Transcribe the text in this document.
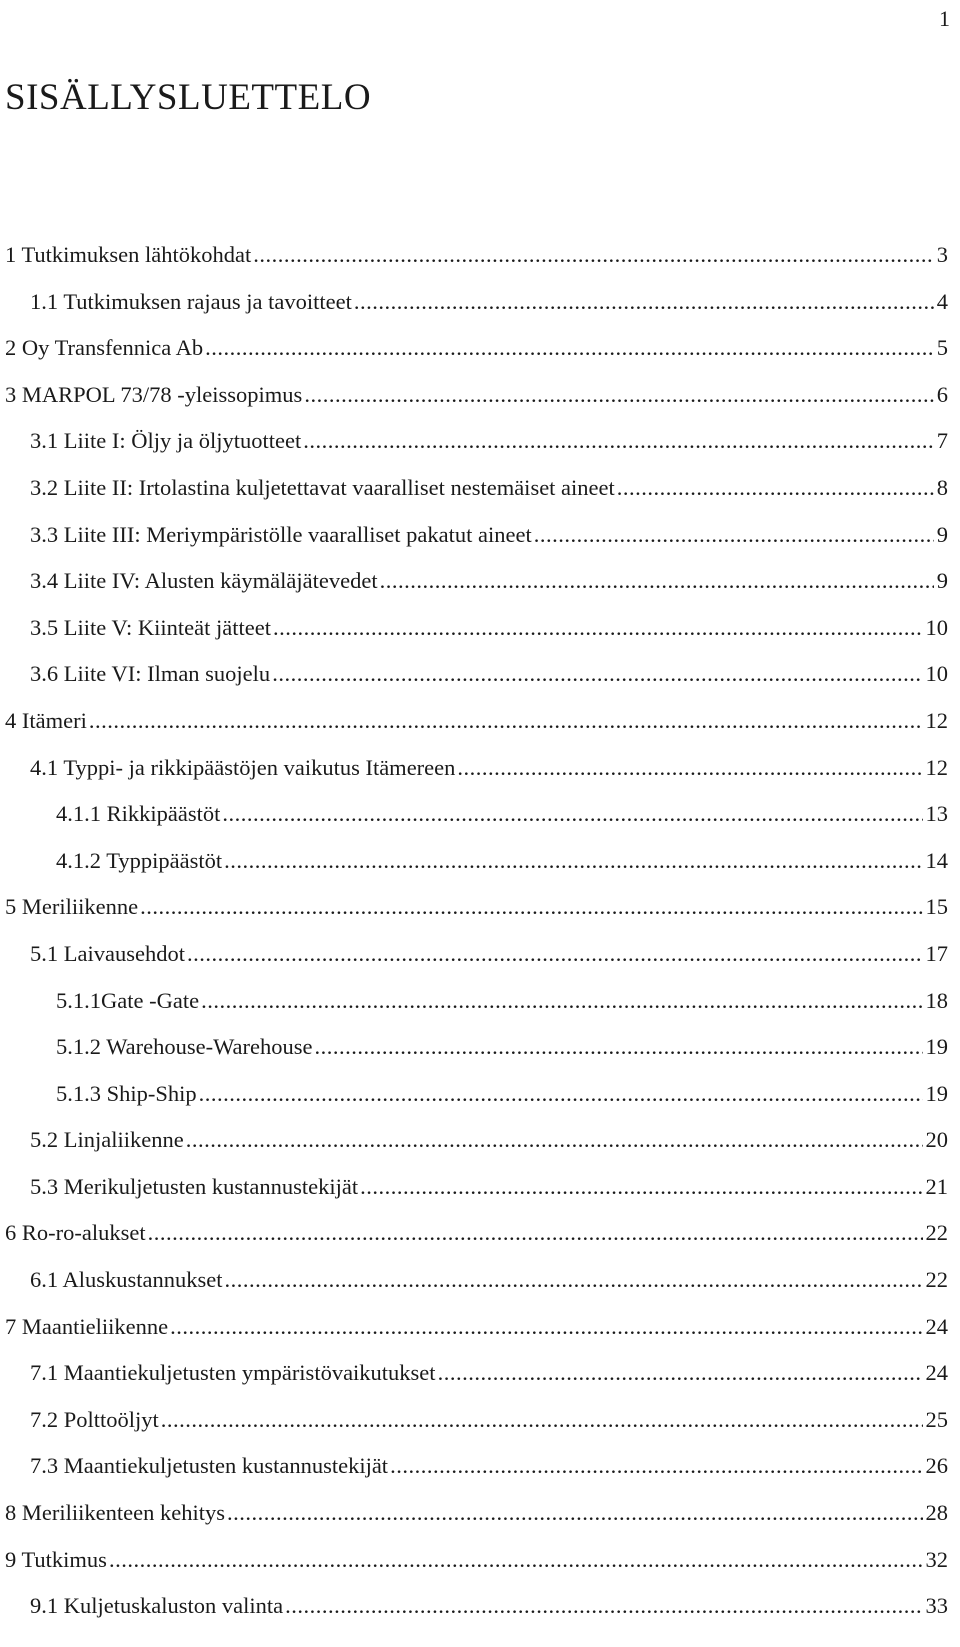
1
SISÄLLYSLUETTELO
1 Tutkimuksen lähtökohdat .....	3
1.1 Tutkimuksen rajaus ja tavoitteet .....	4
2 Oy Transfennica Ab .....	5
3 MARPOL 73/78 -yleissopimus .....	6
3.1 Liite I: Öljy ja öljytuotteet .....	7
3.2 Liite II: Irtolastina kuljetettavat vaaralliset nestemäiset aineet .....	8
3.3 Liite III: Meriympäristölle vaaralliset pakatut aineet .....	9
3.4 Liite IV: Alusten käymäläjätevedet .....	9
3.5 Liite V: Kiinteät jätteet .....	10
3.6 Liite VI: Ilman suojelu .....	10
4 Itämeri .....	12
4.1 Typpi- ja rikkipäästöjen vaikutus Itämereen .....	12
4.1.1 Rikkipäästöt .....	13
4.1.2 Typpipäästöt .....	14
5 Meriliikenne .....	15
5.1 Laivausehdot .....	17
5.1.1Gate -Gate .....	18
5.1.2 Warehouse-Warehouse .....	19
5.1.3 Ship-Ship .....	19
5.2 Linjaliikenne .....	20
5.3 Merikuljetusten kustannustekijät .....	21
6 Ro-ro-alukset .....	22
6.1 Aluskustannukset .....	22
7 Maantieliikenne .....	24
7.1 Maantiekuljetusten ympäristövaikutukset .....	24
7.2 Polttoöljyt .....	25
7.3 Maantiekuljetusten kustannustekijät .....	26
8 Meriliikenteen kehitys .....	28
9 Tutkimus .....	32
9.1 Kuljetuskaluston valinta .....	33
